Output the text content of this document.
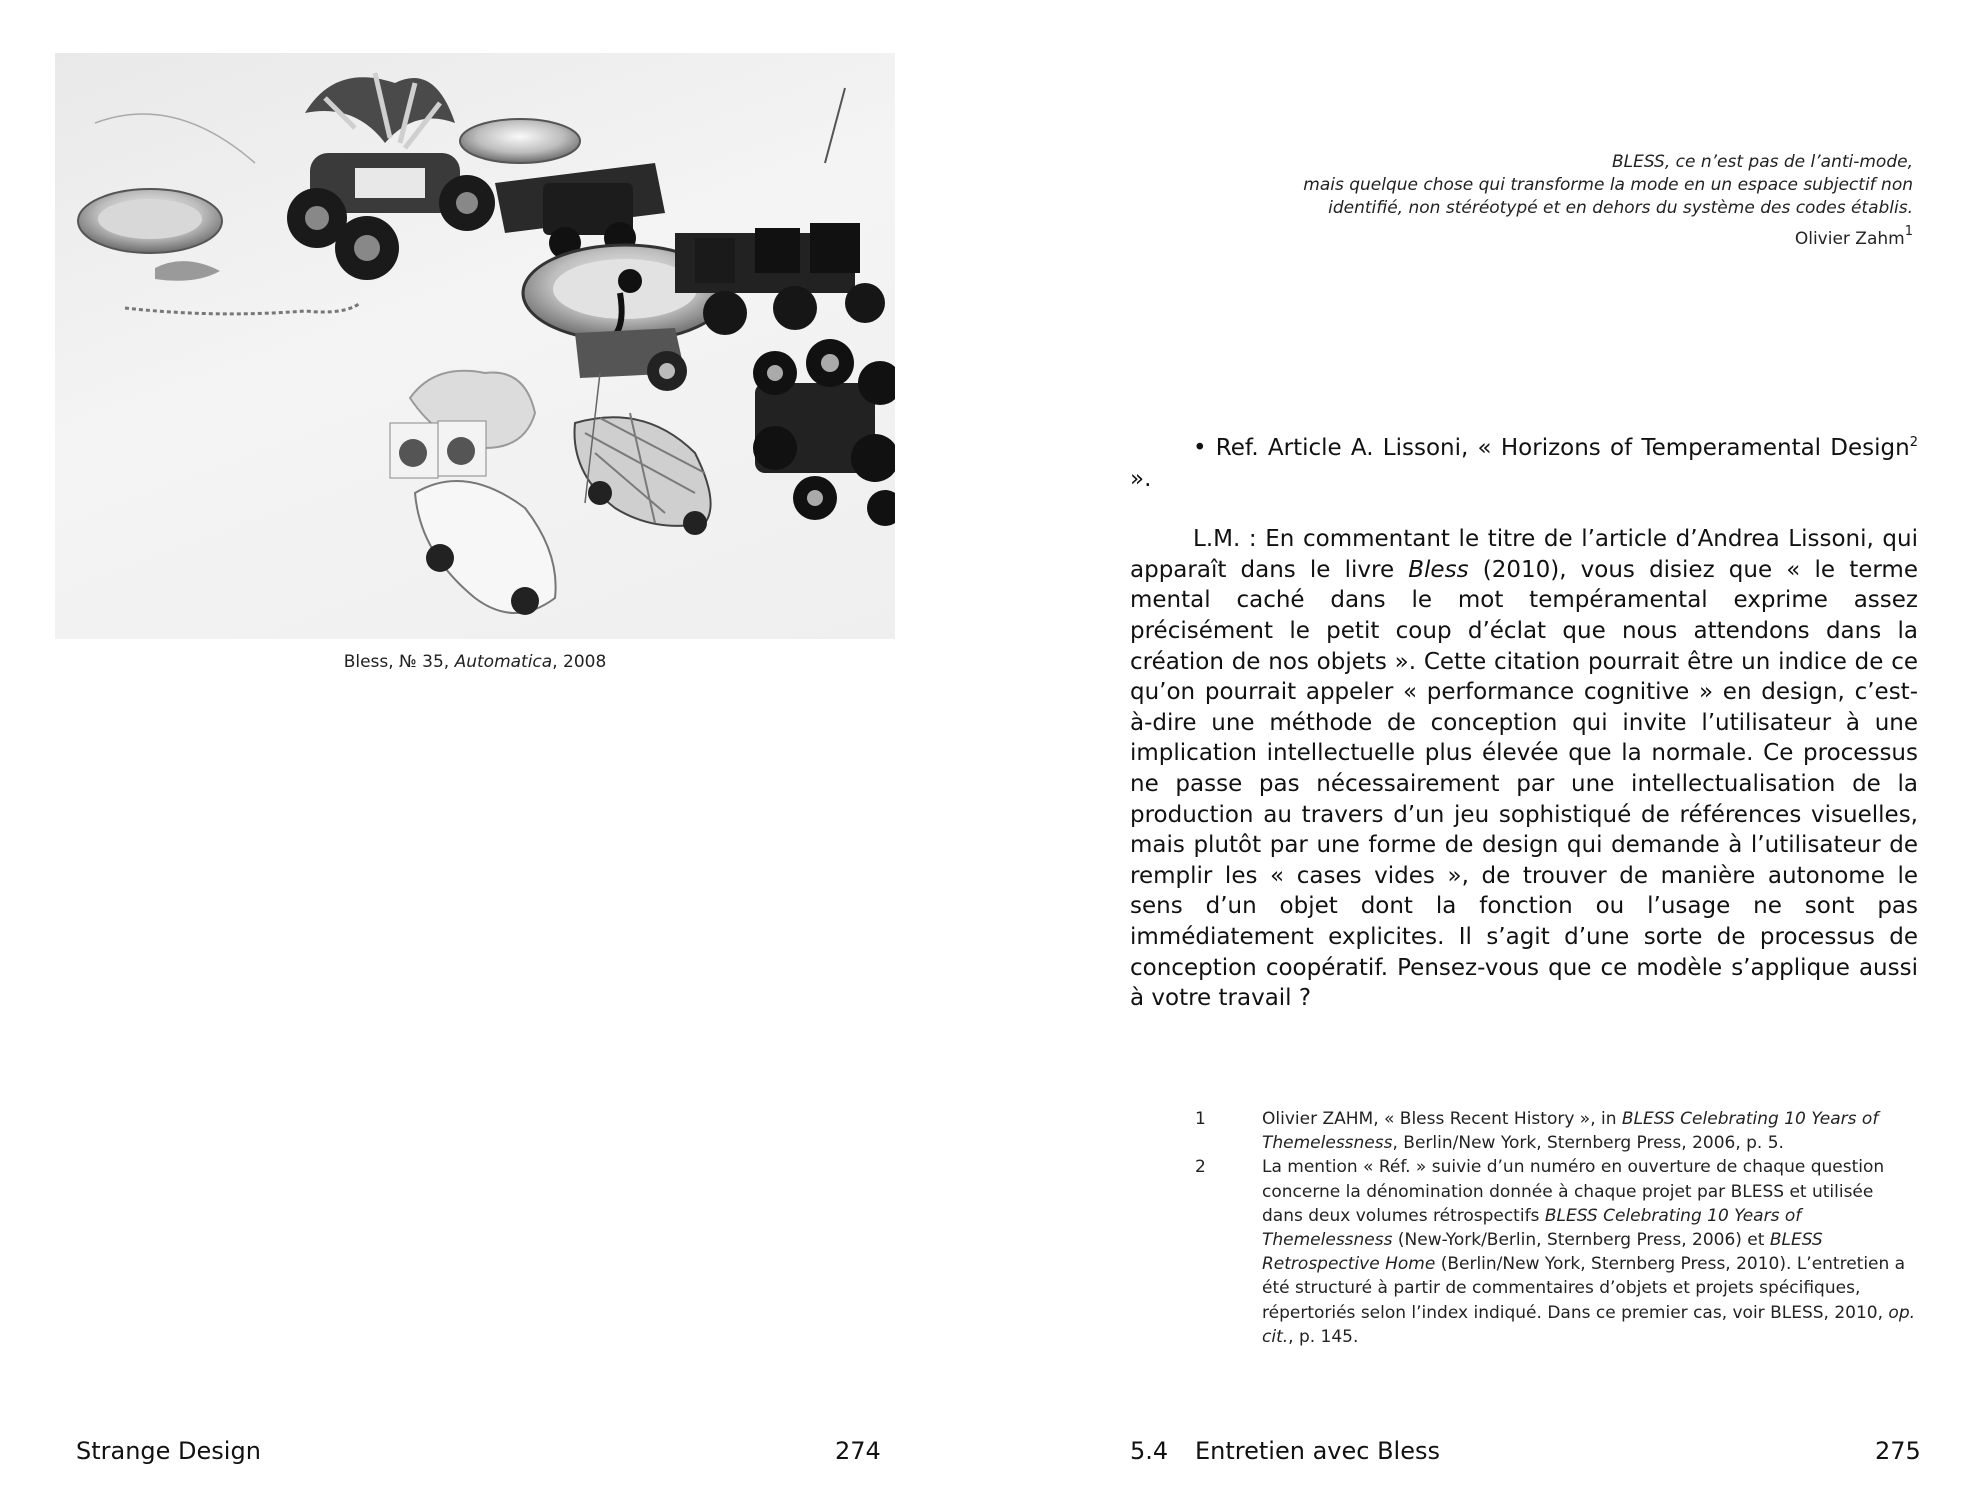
Bless, № 35, Automatica, 2008
BLESS, ce n’est pas de l’anti-mode,
mais quelque chose qui transforme la mode en un espace subjectif non
identifié, non stéréotypé et en dehors du système des codes établis.
Olivier Zahm$^1$

• Ref. Article A. Lissoni, « Horizons of Temperamental Design$^2$ ».

L.M. : En commentant le titre de l’article d’Andrea Lissoni, qui apparaît dans le livre Bless (2010), vous disiez que « le terme mental caché dans le mot tempéramental exprime assez précisément le petit coup d’éclat que nous attendons dans la création de nos objets ». Cette citation pourrait être un indice de ce qu’on pourrait appeler « performance cognitive » en design, c’est-à-dire une méthode de conception qui invite l’utilisateur à une implication intellectuelle plus élevée que la normale. Ce processus ne passe pas nécessairement par une intellectualisation de la production au travers d’un jeu sophistiqué de références visuelles, mais plutôt par une forme de design qui demande à l’utilisateur de remplir les « cases vides », de trouver de manière autonome le sens d’un objet dont la fonction ou l’usage ne sont pas immédiatement explicites. Il s’agit d’une sorte de processus de conception coopératif. Pensez-vous que ce modèle s’applique aussi à votre travail ?

1	Olivier ZAHM, « Bless Recent History », in BLESS Celebrating 10 Years of Themelessness, Berlin/New York, Sternberg Press, 2006, p. 5.

2	La mention « Réf. » suivie d’un numéro en ouverture de chaque question concerne la dénomination donnée à chaque projet par BLESS et utilisée dans deux volumes rétrospectifs BLESS Celebrating 10 Years of Themelessness (New-York/Berlin, Sternberg Press, 2006) et BLESS Retrospective Home (Berlin/New York, Sternberg Press, 2010). L’entretien a été structuré à partir de commentaires d’objets et projets spécifiques, répertoriés selon l’index indiqué. Dans ce premier cas, voir BLESS, 2010, op. cit., p. 145.

Strange Design	274	5.4 Entretien avec Bless	275
